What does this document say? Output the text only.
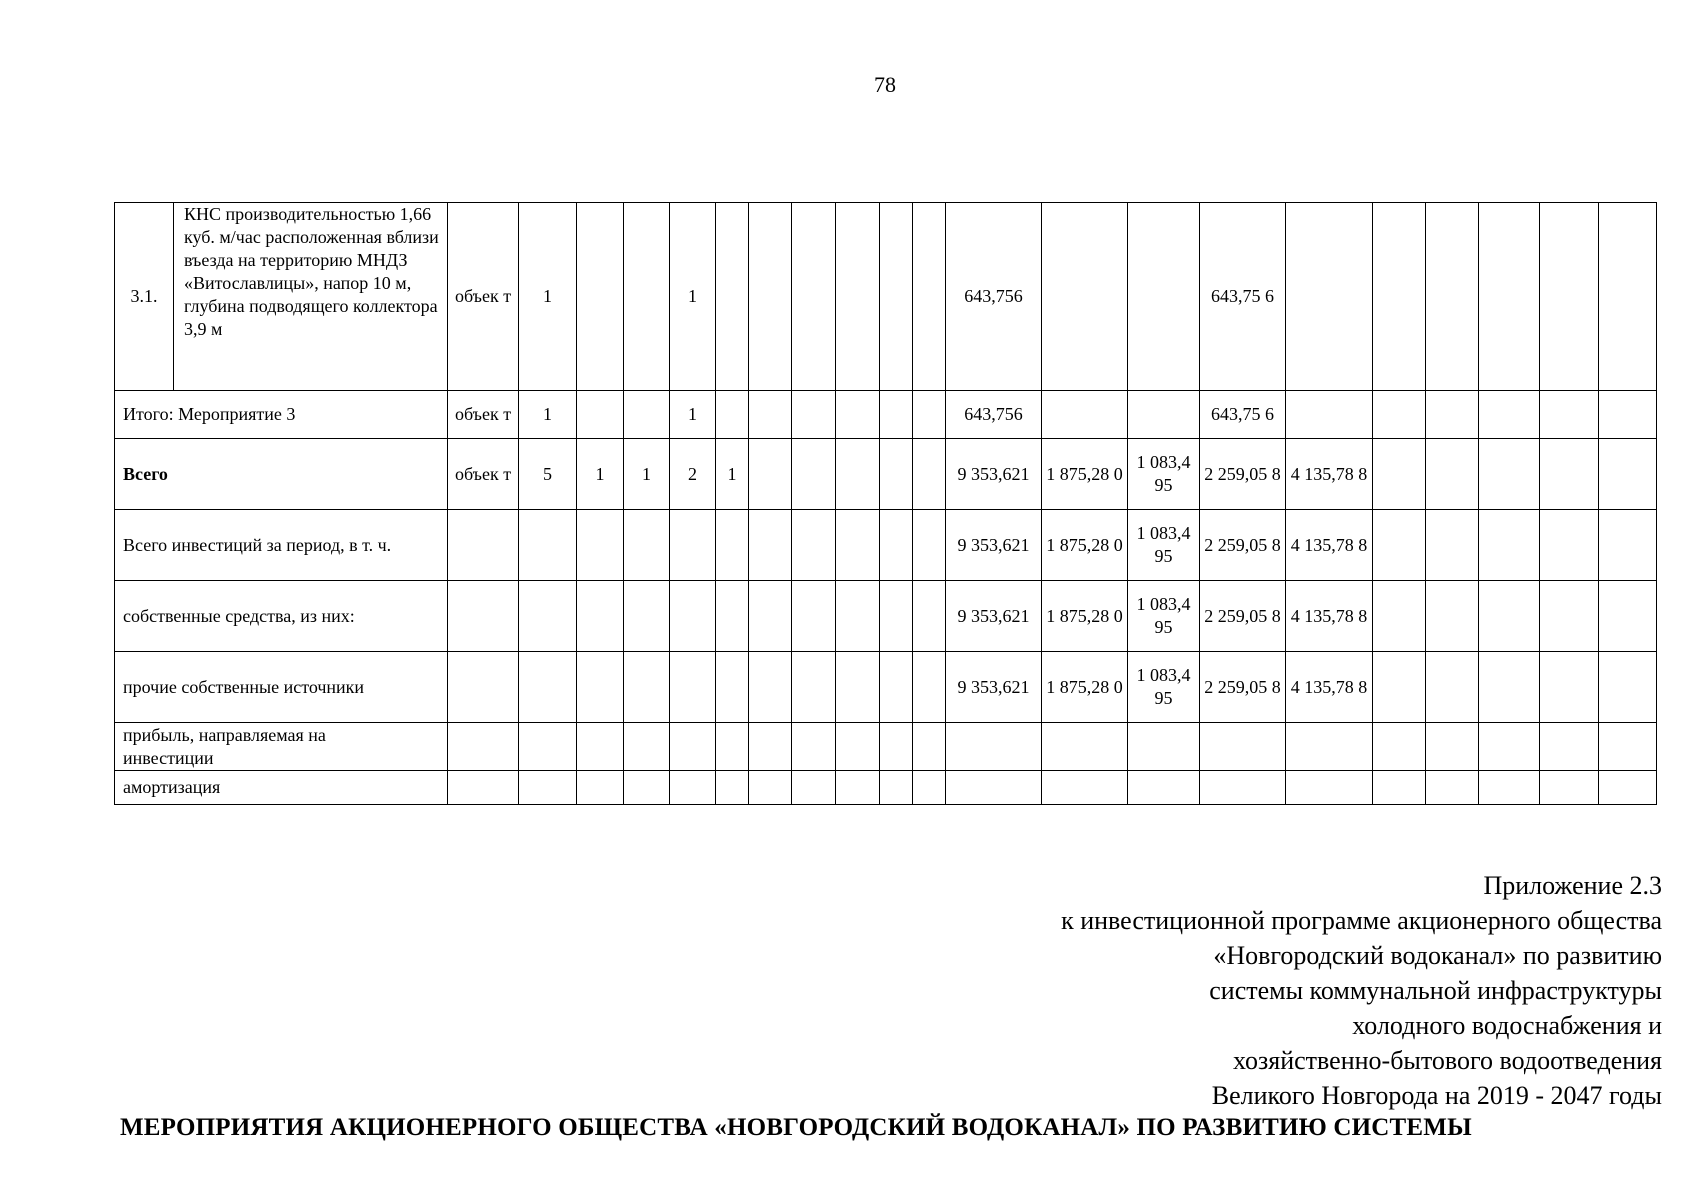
78
3.1.	КНС производительностью 1,66 куб. м/час расположенная вблизи въезда на территорию МНДЗ «Витославлицы», напор 10 м, глубина подводящего коллектора 3,9 м	объек т	1			1							643,756			643,75 6						
Итого: Мероприятие 3		объек т	1			1							643,756			643,75 6						
Всего		объек т	5	1	1	2	1						9 353,621	1 875,28 0	1 083,4 95	2 259,05 8	4 135,78 8					
Всего инвестиций за период, в т. ч.													9 353,621	1 875,28 0	1 083,4 95	2 259,05 8	4 135,78 8					
собственные средства, из них:													9 353,621	1 875,28 0	1 083,4 95	2 259,05 8	4 135,78 8					
прочие собственные источники													9 353,621	1 875,28 0	1 083,4 95	2 259,05 8	4 135,78 8					
прибыль, направляемая на инвестиции																						
амортизация																						
Приложение 2.3
к инвестиционной программе акционерного общества
«Новгородский водоканал» по развитию
системы коммунальной инфраструктуры
холодного водоснабжения и
хозяйственно-бытового водоотведения
Великого Новгорода на 2019 - 2047 годы
МЕРОПРИЯТИЯ АКЦИОНЕРНОГО ОБЩЕСТВА «НОВГОРОДСКИЙ ВОДОКАНАЛ» ПО РАЗВИТИЮ СИСТЕМЫ
